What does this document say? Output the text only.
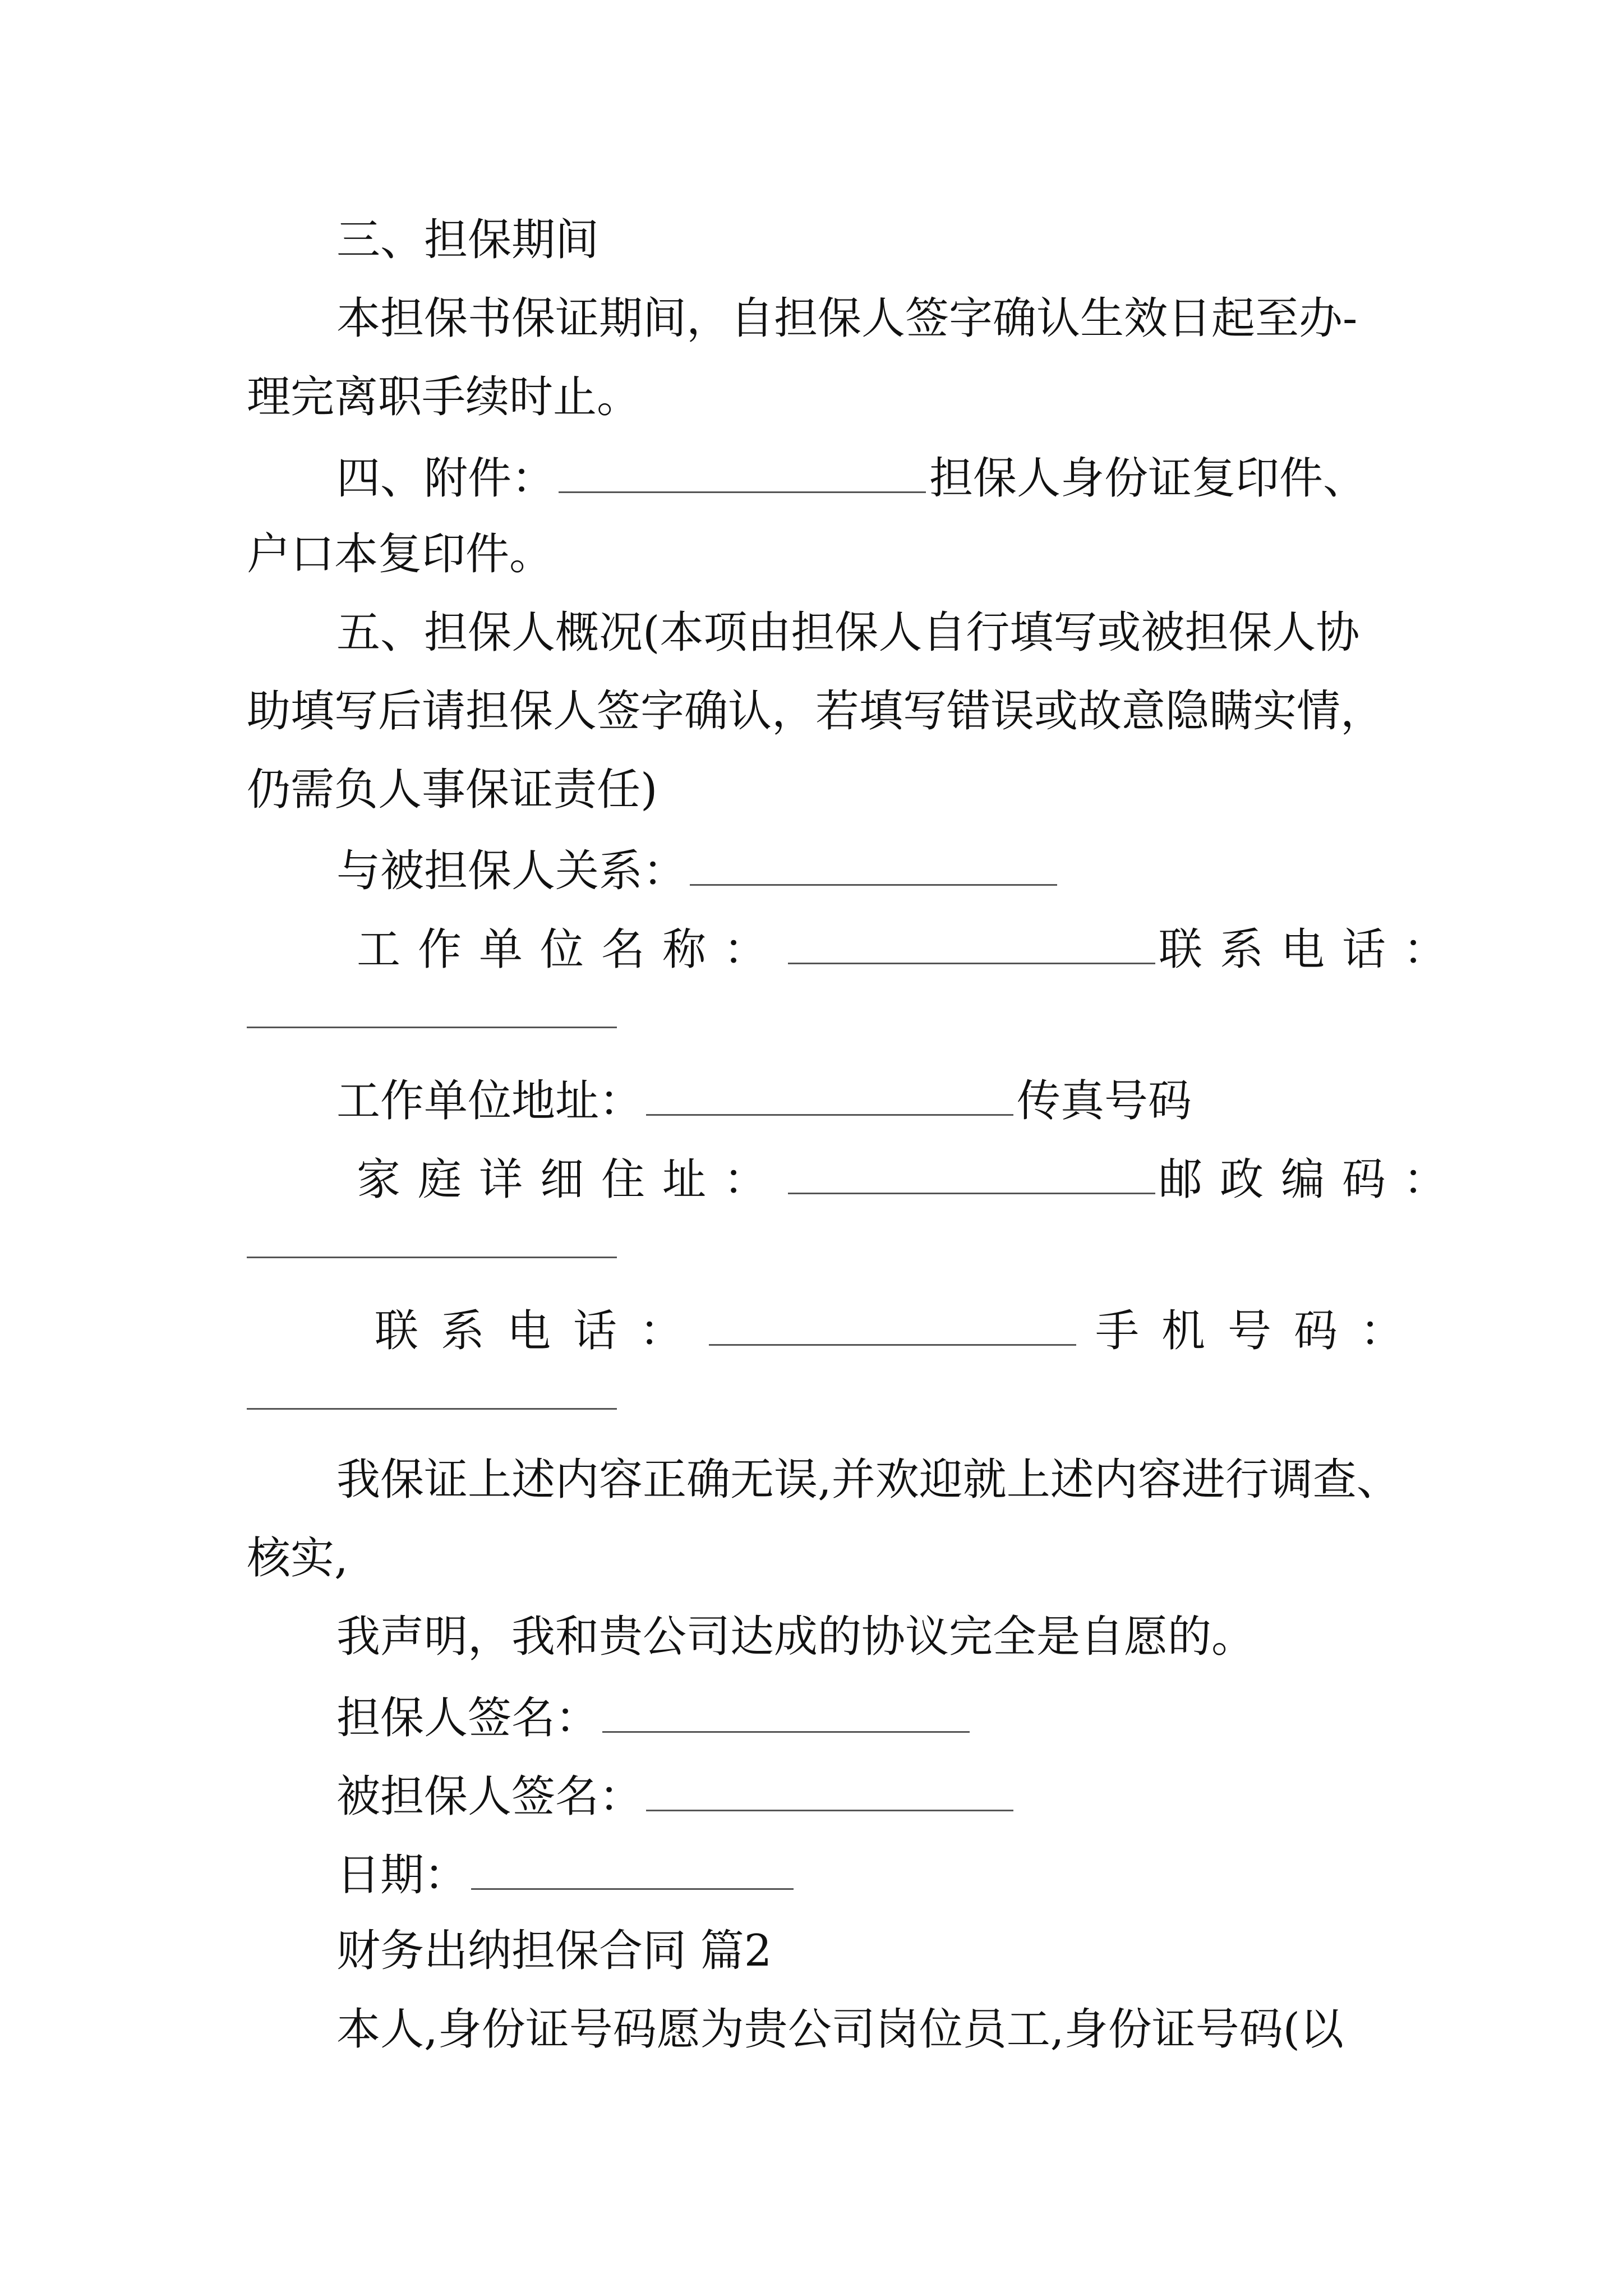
三、担保期间
本担保书保证期间，自担保人签字确认生效日起至办-
理完离职手续时止。
四、附件：	担保人身份证复印件、
户口本复印件。
五、担保人概况(本项由担保人自行填写或被担保人协
助填写后请担保人签字确认，若填写错误或故意隐瞒实情，
仍需负人事保证责任)
与被担保人关系：
工作单位名称：	联系电话：
工作单位地址：	传真号码
家庭详细住址：	邮政编码：
联系电话：	手机号码：
我保证上述内容正确无误,并欢迎就上述内容进行调查、
核实,
我声明，我和贵公司达成的协议完全是自愿的。
担保人签名：
被担保人签名：
日期：
财务出纳担保合同 篇2
本人,身份证号码愿为贵公司岗位员工,身份证号码(以
